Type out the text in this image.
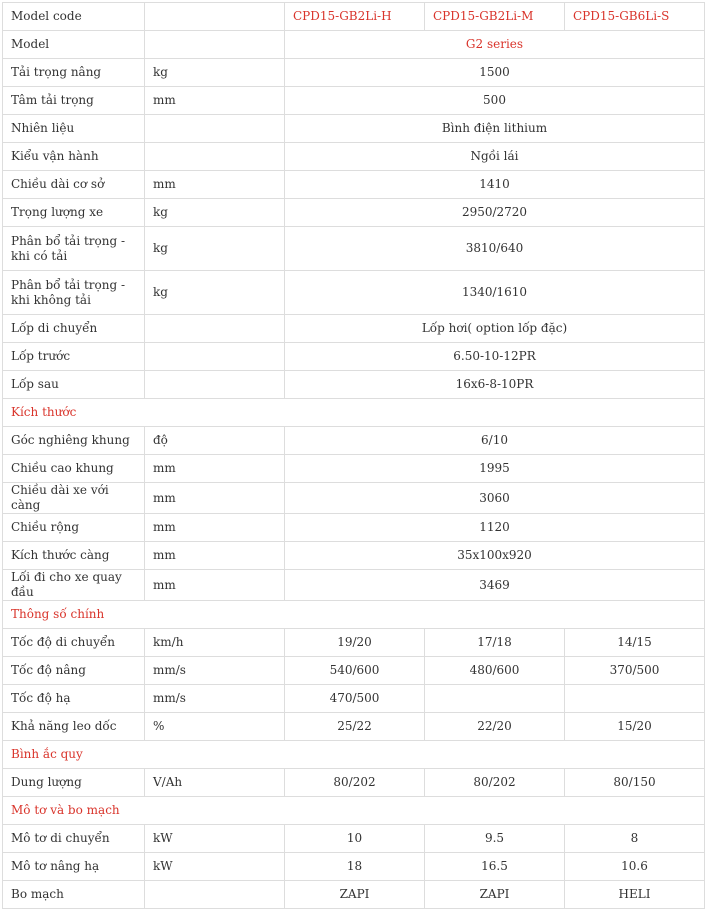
Model code		CPD15-GB2Li-H	CPD15-GB2Li-M	CPD15-GB6Li-S
Model		G2 series		
Tải trọng nâng	kg	1500		
Tâm tải trọng	mm	500		
Nhiên liệu		Bình điện lithium		
Kiểu vận hành		Ngồi lái		
Chiều dài cơ sở	mm	1410		
Trọng lượng xe	kg	2950/2720		
Phân bổ tải trọng - khi có tải	kg	3810/640		
Phân bổ tải trọng - khi không tải	kg	1340/1610		
Lốp di chuyển		Lốp hơi( option lốp đặc)		
Lốp trước		6.50-10-12PR		
Lốp sau		16x6-8-10PR		
Kích thước				
Góc nghiêng khung	độ	6/10		
Chiều cao khung	mm	1995		
Chiều dài xe với càng	mm	3060		
Chiều rộng	mm	1120		
Kích thước càng	mm	35x100x920		
Lối đi cho xe quay đầu	mm	3469		
Thông số chính				
Tốc độ di chuyển	km/h	19/20	17/18	14/15
Tốc độ nâng	mm/s	540/600	480/600	370/500
Tốc độ hạ	mm/s	470/500		
Khả năng leo dốc	%	25/22	22/20	15/20
Bình ắc quy				
Dung lượng	V/Ah	80/202	80/202	80/150
Mô tơ và bo mạch				
Mô tơ di chuyển	kW	10	9.5	8
Mô tơ nâng hạ	kW	18	16.5	10.6
Bo mạch		ZAPI	ZAPI	HELI
